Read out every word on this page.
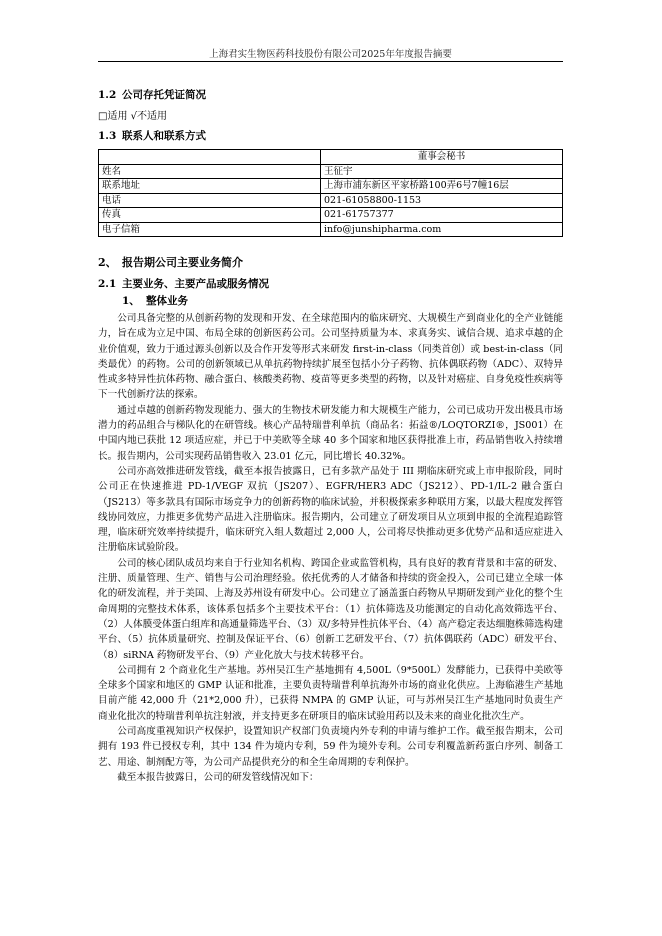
上海君实生物医药科技股份有限公司2025年年度报告摘要
1.2 公司存托凭证简况
□适用 √不适用
1.3 联系人和联系方式
	董事会秘书
姓名	王征宇
联系地址	上海市浦东新区平家桥路100弄6号7幢16层
电话	021-61058800-1153
传真	021-61757377
电子信箱	info@junshipharma.com
2、 报告期公司主要业务简介
2.1 主要业务、主要产品或服务情况
1、 整体业务

公司具备完整的从创新药物的发现和开发、在全球范围内的临床研究、大规模生产到商业化的全产业链能力，旨在成为立足中国、布局全球的创新医药公司。公司坚持质量为本、求真务实、诚信合规、追求卓越的企业价值观，致力于通过源头创新以及合作开发等形式来研发 first-in-class（同类首创）或 best-in-class（同类最优）的药物。公司的创新领域已从单抗药物持续扩展至包括小分子药物、抗体偶联药物（ADC）、双特异性或多特异性抗体药物、融合蛋白、核酸类药物、疫苗等更多类型的药物，以及针对癌症、自身免疫性疾病等下一代创新疗法的探索。

通过卓越的创新药物发现能力、强大的生物技术研发能力和大规模生产能力，公司已成功开发出极具市场潜力的药品组合与梯队化的在研管线。核心产品特瑞普利单抗（商品名：拓益®/LOQTORZI®，JS001）在中国内地已获批 12 项适应症，并已于中美欧等全球 40 多个国家和地区获得批准上市，药品销售收入持续增长。报告期内，公司实现药品销售收入 23.01 亿元，同比增长 40.32%。

公司亦高效推进研发管线，截至本报告披露日，已有多款产品处于 III 期临床研究或上市申报阶段，同时公司正在快速推进 PD-1/VEGF 双抗（JS207）、EGFR/HER3 ADC（JS212）、PD-1/IL-2 融合蛋白（JS213）等多款具有国际市场竞争力的创新药物的临床试验，并积极探索多种联用方案，以最大程度发挥管线协同效应，力推更多优势产品进入注册临床。报告期内，公司建立了研发项目从立项到申报的全流程追踪管理，临床研究效率持续提升，临床研究入组人数超过 2,000 人，公司将尽快推动更多优势产品和适应症进入注册临床试验阶段。

公司的核心团队成员均来自于行业知名机构、跨国企业或监管机构，具有良好的教育背景和丰富的研发、注册、质量管理、生产、销售与公司治理经验。依托优秀的人才储备和持续的资金投入，公司已建立全球一体化的研发流程，并于美国、上海及苏州设有研发中心。公司建立了涵盖蛋白药物从早期研发到产业化的整个生命周期的完整技术体系，该体系包括多个主要技术平台：（1）抗体筛选及功能测定的自动化高效筛选平台、（2）人体膜受体蛋白组库和高通量筛选平台、（3）双/多特异性抗体平台、（4）高产稳定表达细胞株筛选构建平台、（5）抗体质量研究、控制及保证平台、（6）创新工艺研发平台、（7）抗体偶联药（ADC）研发平台、（8）siRNA 药物研发平台、（9）产业化放大与技术转移平台。

公司拥有 2 个商业化生产基地。苏州吴江生产基地拥有 4,500L（9*500L）发酵能力，已获得中美欧等全球多个国家和地区的 GMP 认证和批准，主要负责特瑞普利单抗海外市场的商业化供应。上海临港生产基地目前产能 42,000 升（21*2,000 升），已获得 NMPA 的 GMP 认证，可与苏州吴江生产基地同时负责生产商业化批次的特瑞普利单抗注射液，并支持更多在研项目的临床试验用药以及未来的商业化批次生产。

公司高度重视知识产权保护，设置知识产权部门负责境内外专利的申请与维护工作。截至报告期末，公司拥有 193 件已授权专利，其中 134 件为境内专利，59 件为境外专利。公司专利覆盖新药蛋白序列、制备工艺、用途、制剂配方等，为公司产品提供充分的和全生命周期的专利保护。

截至本报告披露日，公司的研发管线情况如下：
